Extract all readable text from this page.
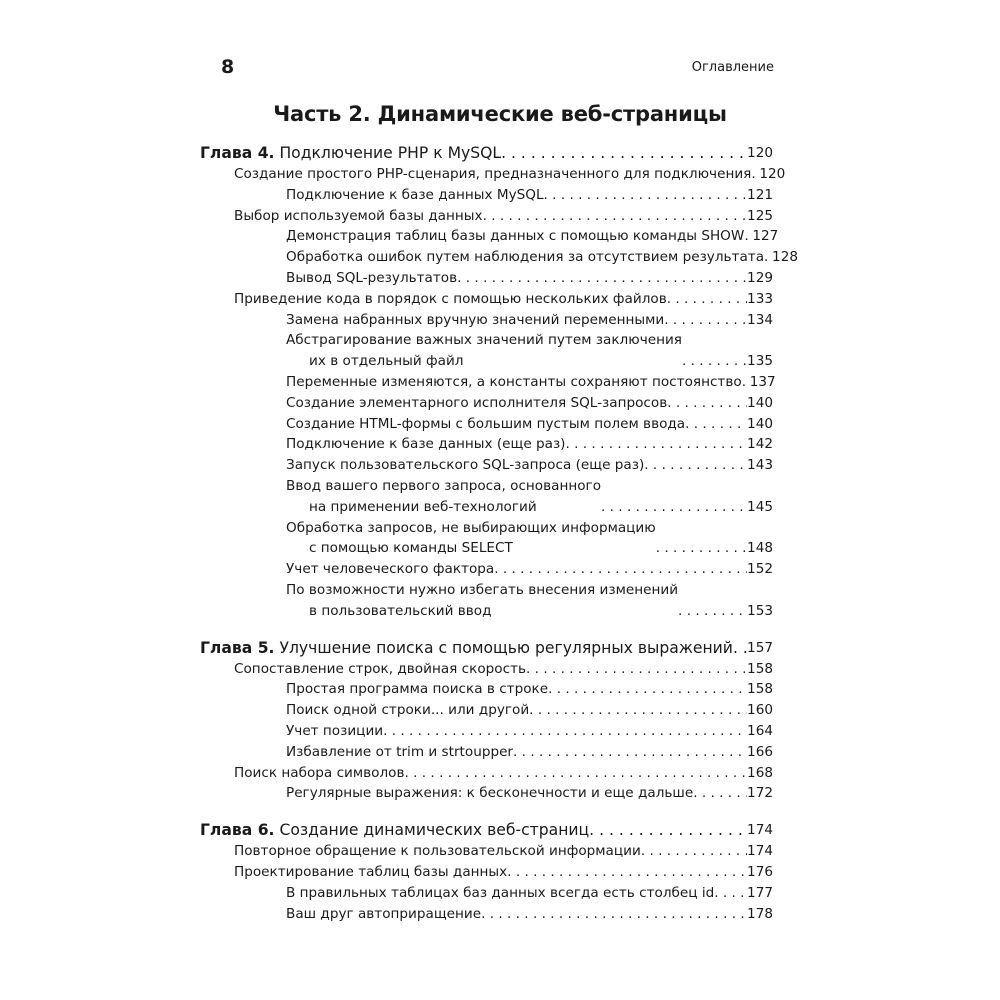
8	Оглавление
Часть 2. Динамические веб-страницы
Глава 4. Подключение PHP к MySQL . . .	120
Создание простого PHP-сценария, предназначенного для подключения . . . 120
Подключение к базе данных MySQL . . .	121
Выбор используемой базы данных . . .	125
Демонстрация таблиц базы данных с помощью команды SHOW . . . 127
Обработка ошибок путем наблюдения за отсутствием результата . . . 128
Вывод SQL-результатов . . .	129
Приведение кода в порядок с помощью нескольких файлов . . .	133
Замена набранных вручную значений переменными . . .	134
Абстрагирование важных значений путем заключения
их в отдельный файл . . .	135
Переменные изменяются, а константы сохраняют постоянство . . . 137
Создание элементарного исполнителя SQL-запросов . . .	140
Создание HTML-формы с большим пустым полем ввода . . .	140
Подключение к базе данных (еще раз) . . .	142
Запуск пользовательского SQL-запроса (еще раз) . . .	143
Ввод вашего первого запроса, основанного
на применении веб-технологий . . .	145
Обработка запросов, не выбирающих информацию
с помощью команды SELECT . . .	148
Учет человеческого фактора . . .	152
По возможности нужно избегать внесения изменений
в пользовательский ввод . . .	153
Глава 5. Улучшение поиска с помощью регулярных выражений . . . 157
Сопоставление строк, двойная скорость . . .	158
Простая программа поиска в строке . . .	158
Поиск одной строки... или другой . . .	160
Учет позиции . . .	164
Избавление от trim и strtoupper . . .	166
Поиск набора символов . . .	168
Регулярные выражения: к бесконечности и еще дальше . . .	172
Глава 6. Создание динамических веб-страниц . . .	174
Повторное обращение к пользовательской информации . . .	174
Проектирование таблиц базы данных . . .	176
В правильных таблицах баз данных всегда есть столбец id . . . 177
Ваш друг автоприращение . . .	178
